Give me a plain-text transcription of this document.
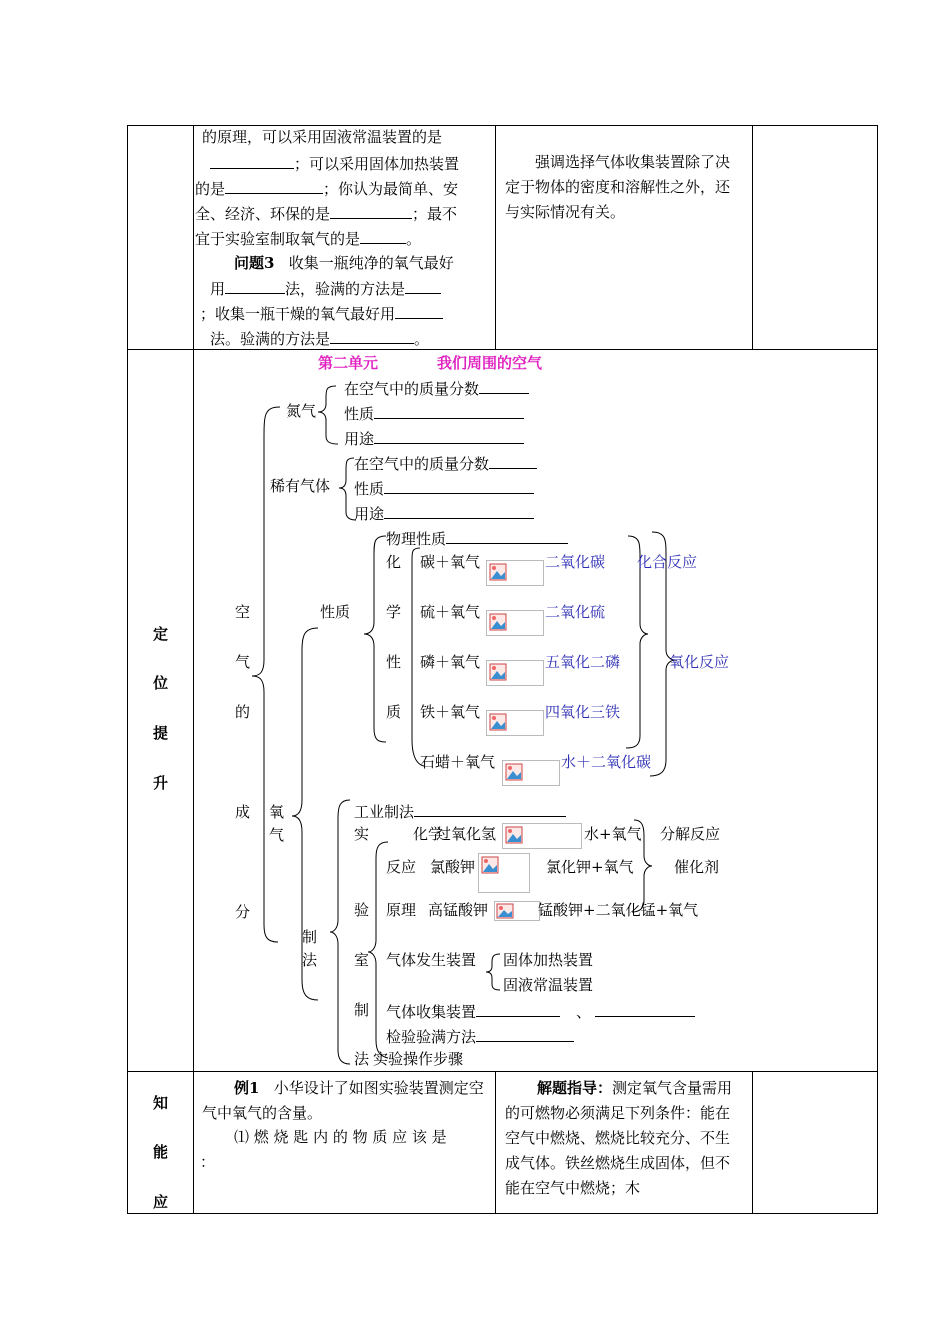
的原理，可以采用固液常温装置的是
；可以采用固体加热装置
的是	；你认为最简单、安
全、经济、环保的是	；最不
宜于实验室制取氧气的是	。
问题3 收集一瓶纯净的氧气最好
用	法，验满的方法是
；收集一瓶干燥的氧气最好用
法。验满的方法是	。
强调选择气体收集装置除了决定于物体的密度和溶解性之外，还与实际情况有关。
定
位
提
升
第二单元	我们周围的空气
空
气
的
成
分
氮气
在空气中的质量分数
性质
用途
稀有气体
在空气中的质量分数
性质
用途
氧
气
性质
物理性质
化
学
性
质
碳＋氧气	二氧化碳
硫＋氧气	二氧化硫
磷＋氧气	五氧化二磷
铁＋氧气	四氧化三铁
石蜡＋氧气	水＋二氧化碳
化合反应
氧化反应
制
法
工业制法
实
验
室
制
法
化学
反应
原理
过氧化氢	水+氧气 分解反应
氯酸钾	氯化钾+氧气	催化剂
高锰酸钾	锰酸钾+二氧化锰+氧气
气体发生装置 固体加热装置
固液常温装置
气体收集装置	、
检验验满方法
实验操作步骤
知
能
应
例1 小华设计了如图实验装置测定空气中氧气的含量。
⑴ 燃 烧 匙 内 的 物 质 应 该 是
：
解题指导：测定氧气含量需用的可燃物必须满足下列条件：能在空气中燃烧、燃烧比较充分、不生成气体。铁丝燃烧生成固体，但不能在空气中燃烧；木
